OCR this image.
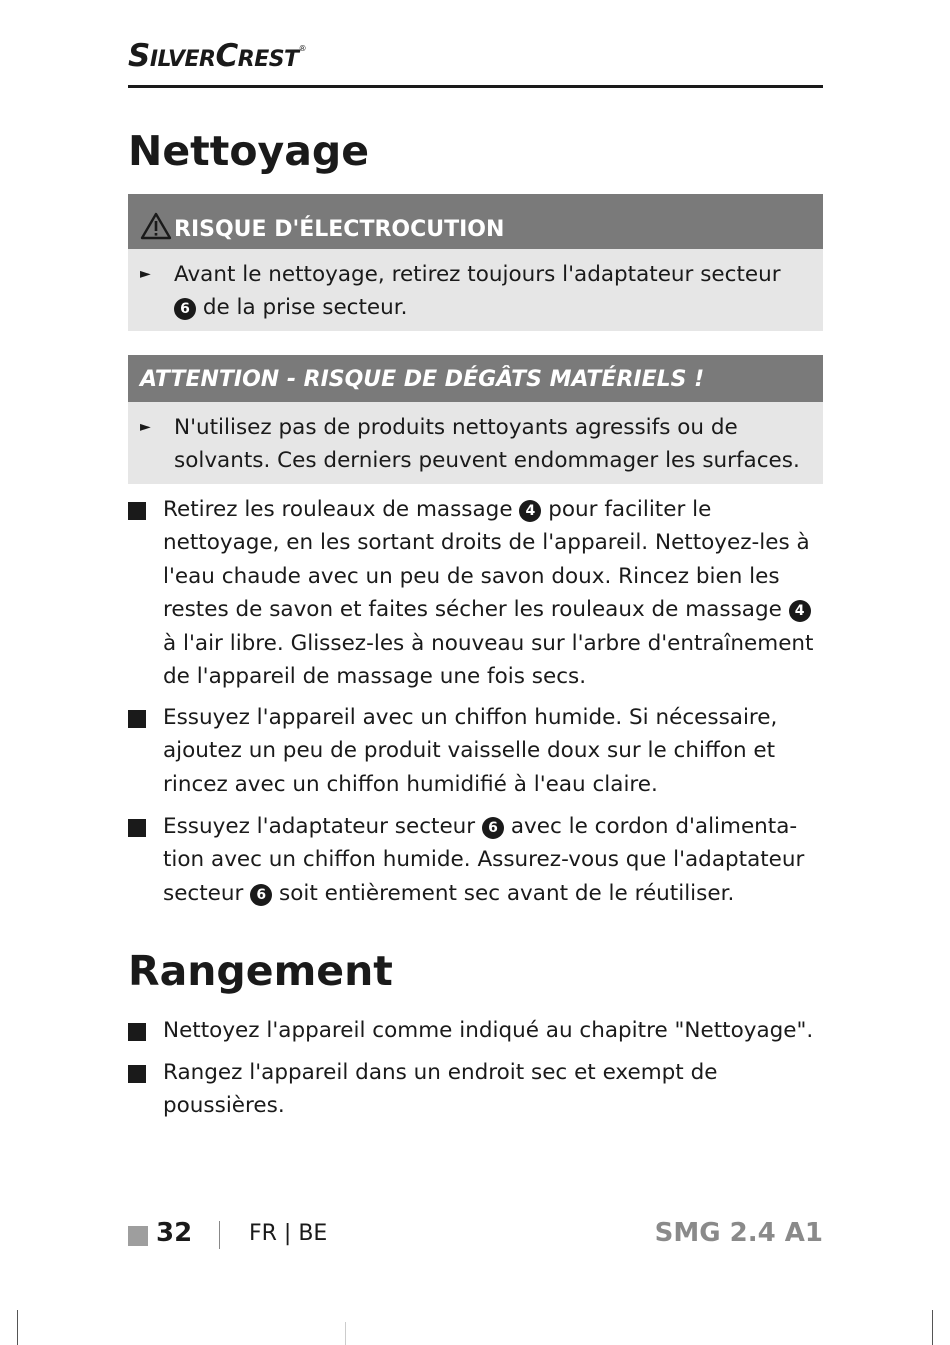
SilverCrest®
Nettoyage
RISQUE D'ÉLECTROCUTION
► Avant le nettoyage, retirez toujours l'adaptateur secteur 6 de la prise secteur.
ATTENTION - RISQUE DE DÉGÂTS MATÉRIELS !
► N'utilisez pas de produits nettoyants agressifs ou de solvants. Ces derniers peuvent endommager les surfaces.
Retirez les rouleaux de massage 4 pour faciliter le nettoyage, en les sortant droits de l'appareil. Nettoyez-les à l'eau chaude avec un peu de savon doux. Rincez bien les restes de savon et faites sécher les rouleaux de massage 4 à l'air libre. Glissez-les à nouveau sur l'arbre d'entraînement de l'appareil de massage une fois secs.
Essuyez l'appareil avec un chiffon humide. Si nécessaire, ajoutez un peu de produit vaisselle doux sur le chiffon et rincez avec un chiffon humidifié à l'eau claire.
Essuyez l'adaptateur secteur 6 avec le cordon d'alimenta-tion avec un chiffon humide. Assurez-vous que l'adaptateur secteur 6 soit entièrement sec avant de le réutiliser.
Rangement
Nettoyez l'appareil comme indiqué au chapitre "Nettoyage".
Rangez l'appareil dans un endroit sec et exempt de poussières.
32	FR | BE	SMG 2.4 A1
